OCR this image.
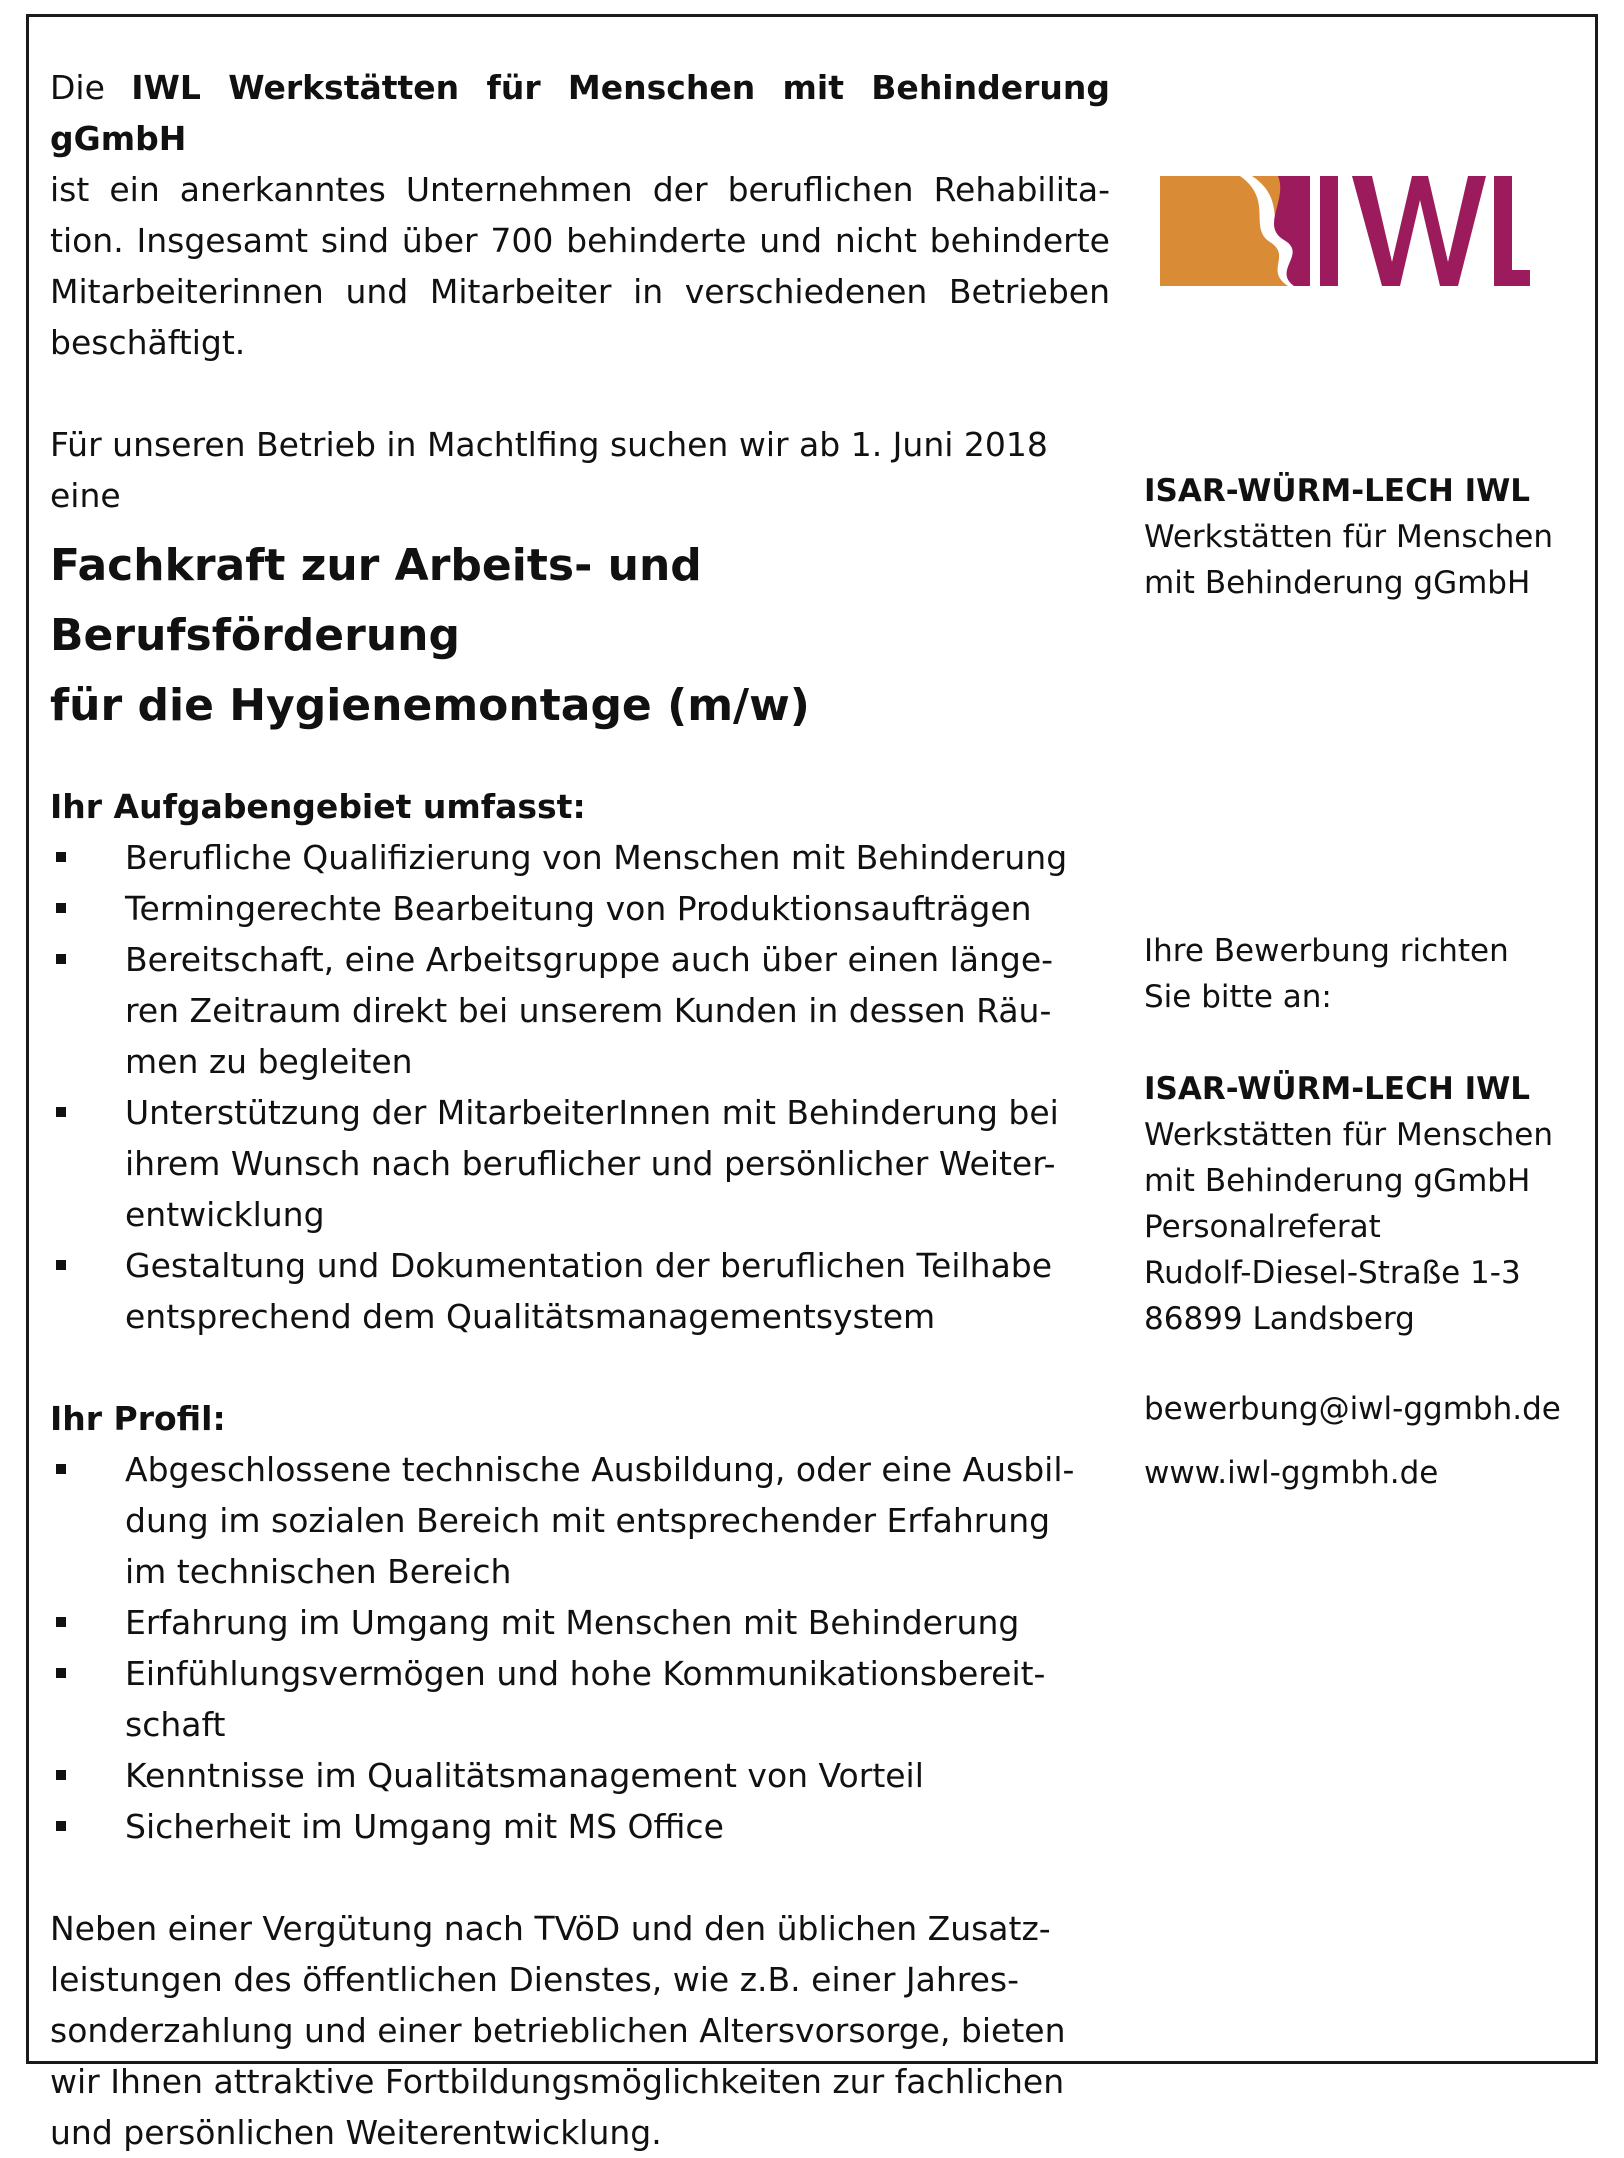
IWL

Die IWL Werkstätten für Menschen mit Behinderung gGmbH
ist ein anerkanntes Unternehmen der beruflichen Rehabilita-
tion. Insgesamt sind über 700 behinderte und nicht behinderte
Mitarbeiterinnen und Mitarbeiter in verschiedenen Betrieben
beschäftigt.

Für unseren Betrieb in Machtlfing suchen wir ab 1. Juni 2018
eine

Fachkraft zur Arbeits- und Berufsförderung
für die Hygienemontage (m/w)

Ihr Aufgabengebiet umfasst:

Berufliche Qualifizierung von Menschen mit Behinderung
Termingerechte Bearbeitung von Produktionsaufträgen
Bereitschaft, eine Arbeitsgruppe auch über einen länge-
ren Zeitraum direkt bei unserem Kunden in dessen Räu-
men zu begleiten
Unterstützung der MitarbeiterInnen mit Behinderung bei
ihrem Wunsch nach beruflicher und persönlicher Weiter-
entwicklung
Gestaltung und Dokumentation der beruflichen Teilhabe
entsprechend dem Qualitätsmanagementsystem

Ihr Profil:

Abgeschlossene technische Ausbildung, oder eine Ausbil-
dung im sozialen Bereich mit entsprechender Erfahrung
im technischen Bereich
Erfahrung im Umgang mit Menschen mit Behinderung
Einfühlungsvermögen und hohe Kommunikationsbereit-
schaft
Kenntnisse im Qualitätsmanagement von Vorteil
Sicherheit im Umgang mit MS Office

Neben einer Vergütung nach TVöD und den üblichen Zusatz-
leistungen des öffentlichen Dienstes, wie z.B. einer Jahres-
sonderzahlung und einer betrieblichen Altersvorsorge, bieten
wir Ihnen attraktive Fortbildungsmöglichkeiten zur fachlichen
und persönlichen Weiterentwicklung.

ISAR-WÜRM-LECH IWL
Werkstätten für Menschen
mit Behinderung gGmbH
Ihre Bewerbung richten
Sie bitte an:
ISAR-WÜRM-LECH IWL
Werkstätten für Menschen
mit Behinderung gGmbH
Personalreferat
Rudolf-Diesel-Straße 1-3
86899 Landsberg
bewerbung@iwl-ggmbh.de
www.iwl-ggmbh.de
